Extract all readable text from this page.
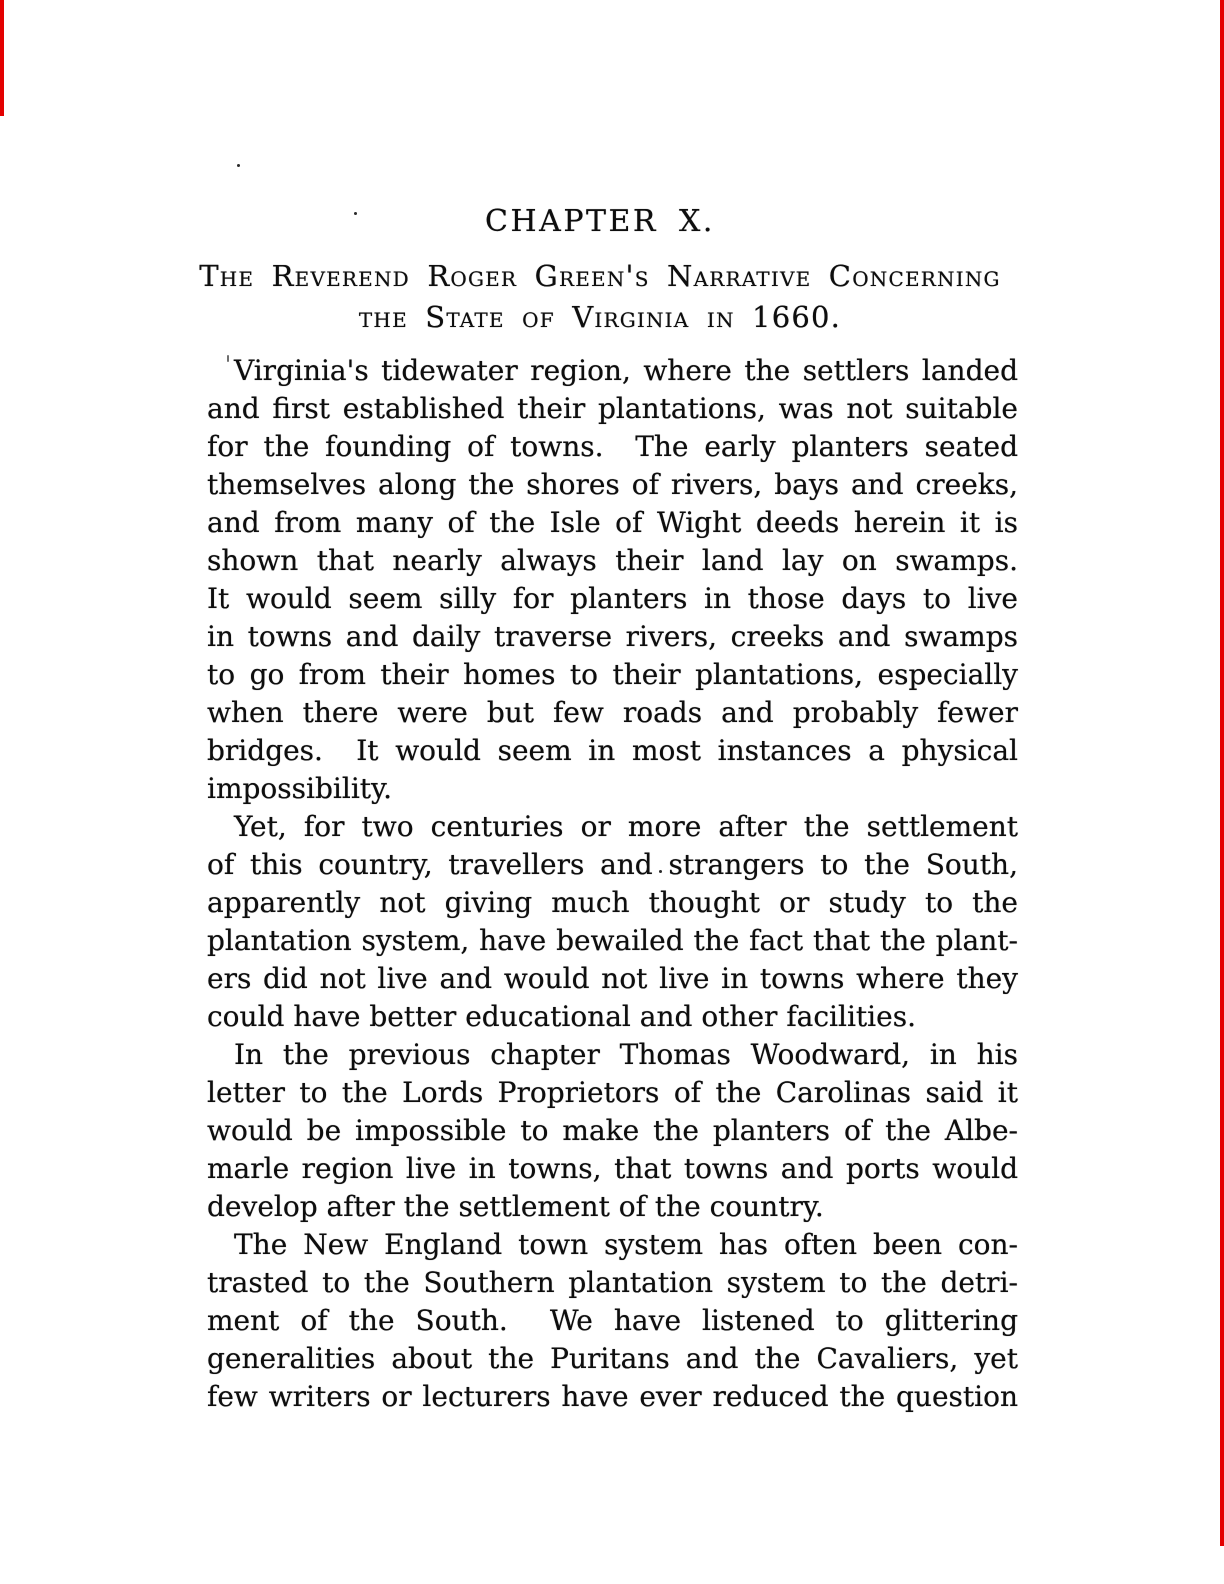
CHAPTER X.
The Reverend Roger Green's Narrative Concerning
the State of Virginia in 1660.
Virginia's tidewater region, where the settlers landed
and first established their plantations, was not suitable
for the founding of towns.  The early planters seated
themselves along the shores of rivers, bays and creeks,
and from many of the Isle of Wight deeds herein it is
shown that nearly always their land lay on swamps.
It would seem silly for planters in those days to live
in towns and daily traverse rivers, creeks and swamps
to go from their homes to their plantations, especially
when there were but few roads and probably fewer
bridges.  It would seem in most instances a physical
impossibility.
Yet, for two centuries or more after the settlement
of this country, travellers and strangers to the South,
apparently not giving much thought or study to the
plantation system, have bewailed the fact that the plant-
ers did not live and would not live in towns where they
could have better educational and other facilities.
In the previous chapter Thomas Woodward, in his
letter to the Lords Proprietors of the Carolinas said it
would be impossible to make the planters of the Albe-
marle region live in towns, that towns and ports would
develop after the settlement of the country.
The New England town system has often been con-
trasted to the Southern plantation system to the detri-
ment of the South.  We have listened to glittering
generalities about the Puritans and the Cavaliers, yet
few writers or lecturers have ever reduced the question
